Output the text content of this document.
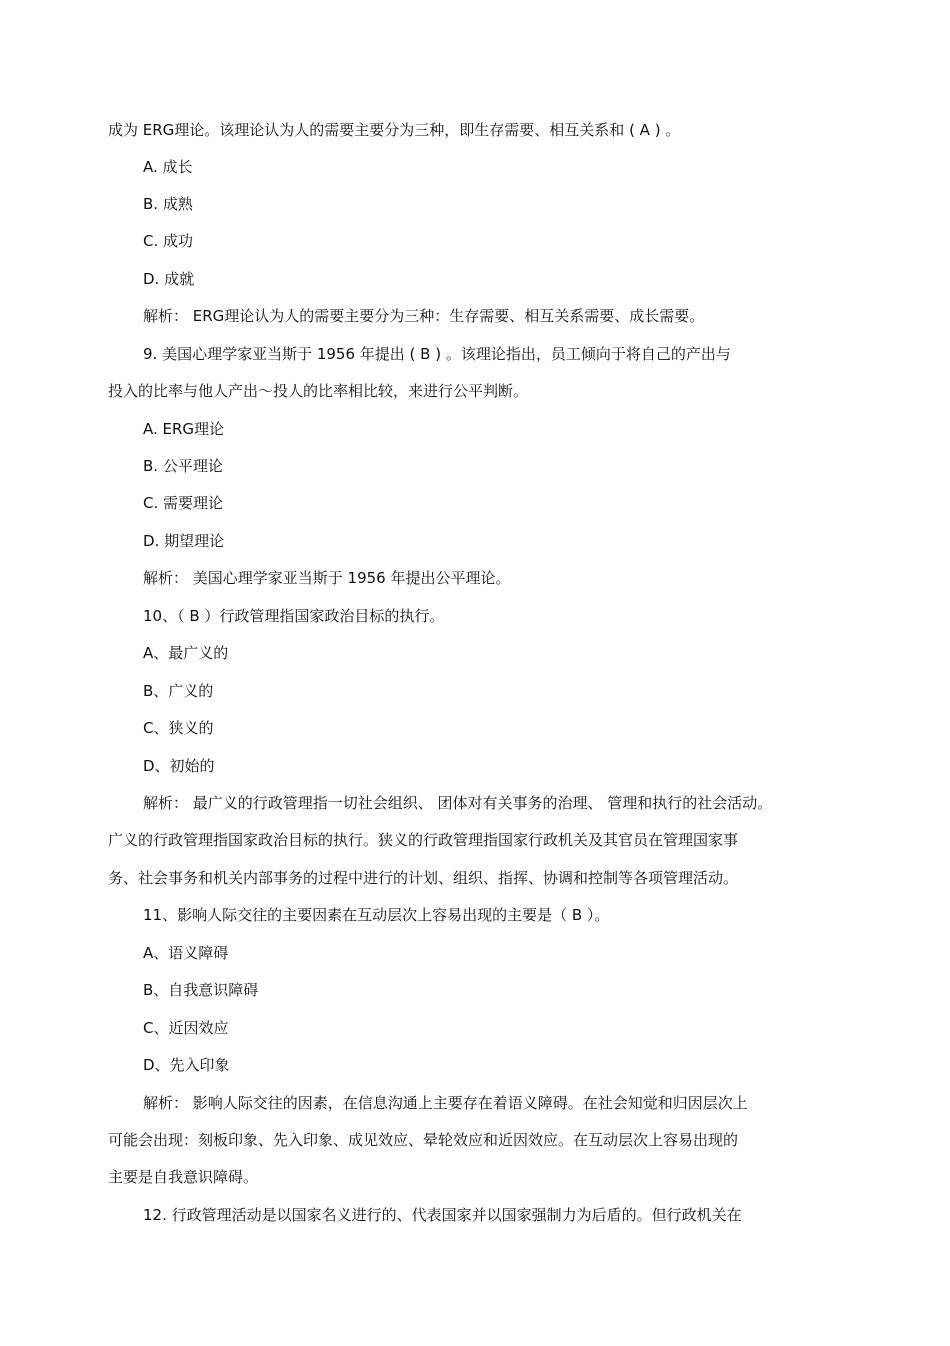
成为 ERG理论。该理论认为人的需要主要分为三种，即生存需要、相互关系和 ( A ) 。
A. 成长
B. 成熟
C. 成功
D. 成就
解析： ERG理论认为人的需要主要分为三种：生存需要、相互关系需要、成长需要。
9. 美国心理学家亚当斯于 1956 年提出 ( B ) 。该理论指出，员工倾向于将自己的产出与
投入的比率与他人产出～投人的比率相比较，来进行公平判断。
A. ERG理论
B. 公平理论
C. 需要理论
D. 期望理论
解析： 美国心理学家亚当斯于 1956 年提出公平理论。
10、（ B ）行政管理指国家政治目标的执行。
A、最广义的
B、广义的
C、狭义的
D、初始的
解析： 最广义的行政管理指一切社会组织、 团体对有关事务的治理、 管理和执行的社会活动。
广义的行政管理指国家政治目标的执行。狭义的行政管理指国家行政机关及其官员在管理国家事
务、社会事务和机关内部事务的过程中进行的计划、组织、指挥、协调和控制等各项管理活动。
11、影响人际交往的主要因素在互动层次上容易出现的主要是（ B ）。
A、语义障碍
B、自我意识障碍
C、近因效应
D、先入印象
解析： 影响人际交往的因素，在信息沟通上主要存在着语义障碍。在社会知觉和归因层次上
可能会出现：刻板印象、先入印象、成见效应、晕轮效应和近因效应。在互动层次上容易出现的
主要是自我意识障碍。
12. 行政管理活动是以国家名义进行的、代表国家并以国家强制力为后盾的。但行政机关在
